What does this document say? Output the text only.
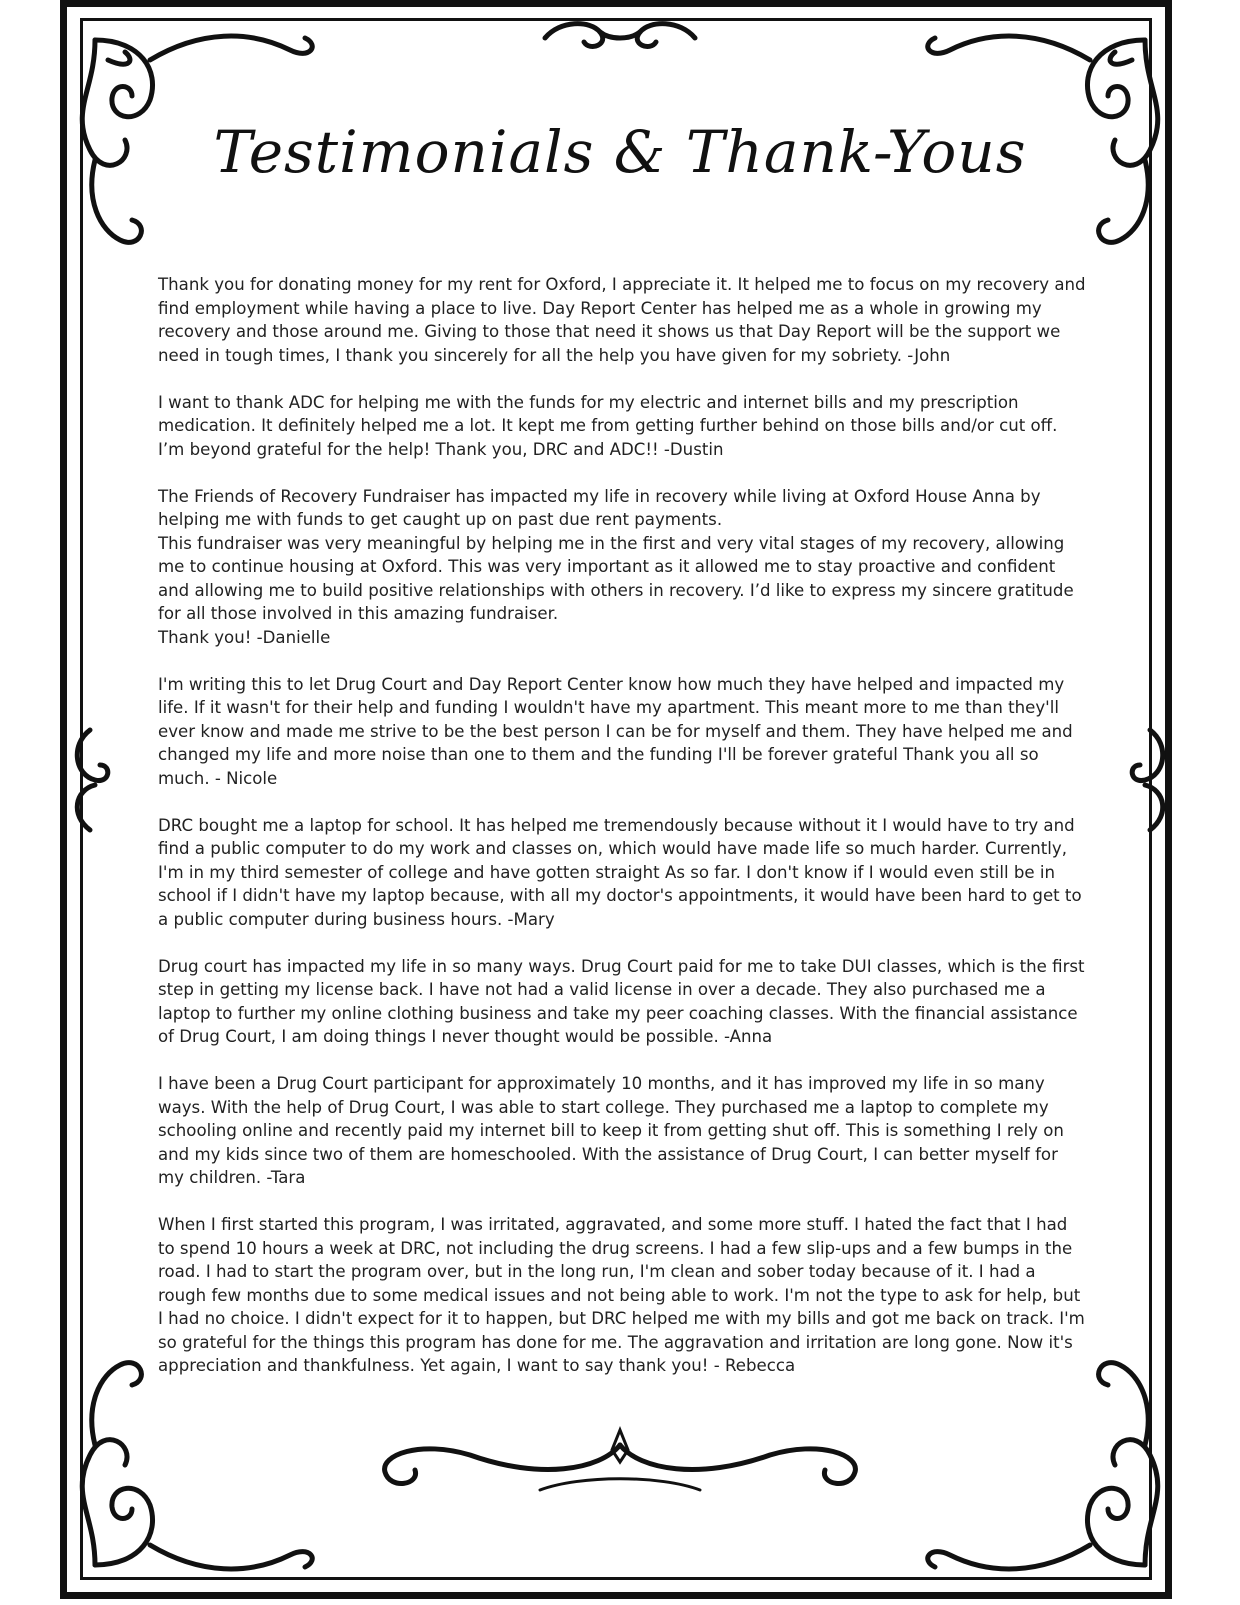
Testimonials & Thank-Yous

Thank you for donating money for my rent for Oxford, I appreciate it. It helped me to focus on my recovery and find employment while having a place to live. Day Report Center has helped me as a whole in growing my recovery and those around me. Giving to those that need it shows us that Day Report will be the support we need in tough times, I thank you sincerely for all the help you have given for my sobriety. -John

I want to thank ADC for helping me with the funds for my electric and internet bills and my prescription medication. It definitely helped me a lot. It kept me from getting further behind on those bills and/or cut off. I’m beyond grateful for the help! Thank you, DRC and ADC!! -Dustin

The Friends of Recovery Fundraiser has impacted my life in recovery while living at Oxford House Anna by helping me with funds to get caught up on past due rent payments.

This fundraiser was very meaningful by helping me in the first and very vital stages of my recovery, allowing me to continue housing at Oxford. This was very important as it allowed me to stay proactive and confident and allowing me to build positive relationships with others in recovery. I’d like to express my sincere gratitude for all those involved in this amazing fundraiser.

Thank you! -Danielle

I'm writing this to let Drug Court and Day Report Center know how much they have helped and impacted my life. If it wasn't for their help and funding I wouldn't have my apartment. This meant more to me than they'll ever know and made me strive to be the best person I can be for myself and them. They have helped me and changed my life and more noise than one to them and the funding I'll be forever grateful Thank you all so much. - Nicole

DRC bought me a laptop for school. It has helped me tremendously because without it I would have to try and find a public computer to do my work and classes on, which would have made life so much harder. Currently, I'm in my third semester of college and have gotten straight As so far. I don't know if I would even still be in school if I didn't have my laptop because, with all my doctor's appointments, it would have been hard to get to a public computer during business hours. -Mary

Drug court has impacted my life in so many ways. Drug Court paid for me to take DUI classes, which is the first step in getting my license back. I have not had a valid license in over a decade. They also purchased me a laptop to further my online clothing business and take my peer coaching classes. With the financial assistance of Drug Court, I am doing things I never thought would be possible. -Anna

I have been a Drug Court participant for approximately 10 months, and it has improved my life in so many ways. With the help of Drug Court, I was able to start college. They purchased me a laptop to complete my schooling online and recently paid my internet bill to keep it from getting shut off. This is something I rely on and my kids since two of them are homeschooled. With the assistance of Drug Court, I can better myself for my children. -Tara

When I first started this program, I was irritated, aggravated, and some more stuff. I hated the fact that I had to spend 10 hours a week at DRC, not including the drug screens. I had a few slip-ups and a few bumps in the road. I had to start the program over, but in the long run, I'm clean and sober today because of it. I had a rough few months due to some medical issues and not being able to work. I'm not the type to ask for help, but I had no choice. I didn't expect for it to happen, but DRC helped me with my bills and got me back on track. I'm so grateful for the things this program has done for me. The aggravation and irritation are long gone. Now it's appreciation and thankfulness. Yet again, I want to say thank you! - Rebecca
